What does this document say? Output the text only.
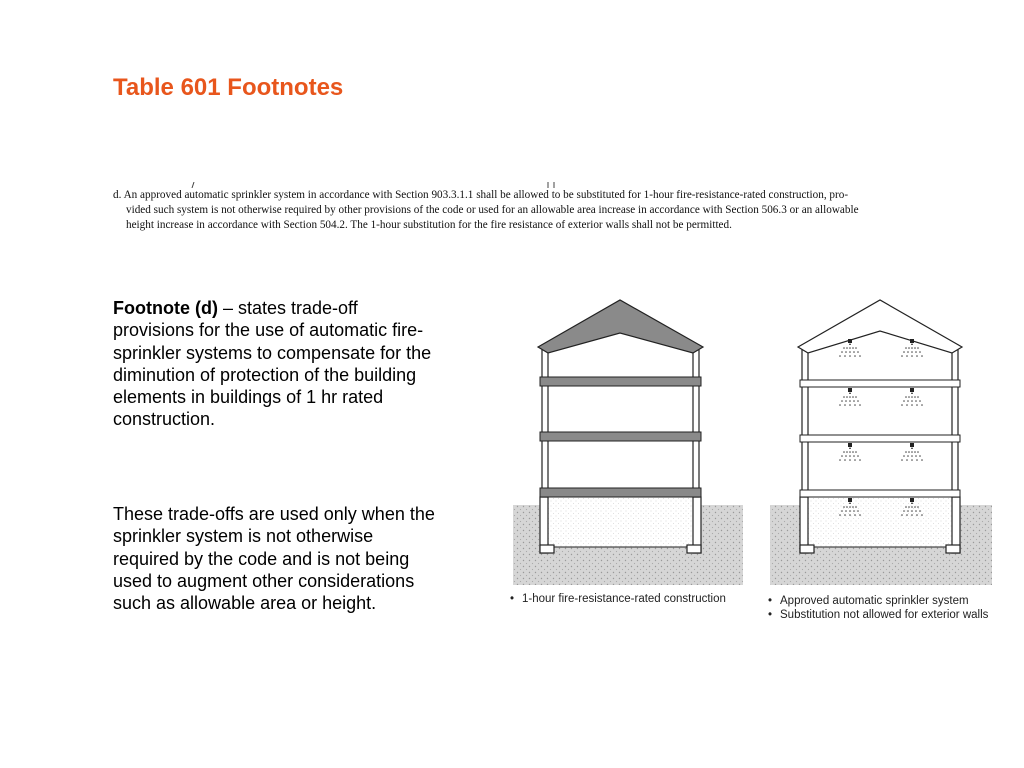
Table 601 Footnotes
d. An approved automatic sprinkler system in accordance with Section 903.3.1.1 shall be allowed to be substituted for 1-hour fire-resistance-rated construction, pro-
vided such system is not otherwise required by other provisions of the code or used for an allowable area increase in accordance with Section 506.3 or an allowable
height increase in accordance with Section 504.2. The 1-hour substitution for the fire resistance of exterior walls shall not be permitted.
Footnote (d) – states trade-off
provisions for the use of automatic fire-
sprinkler systems to compensate for the
diminution of protection of the building
elements in buildings of 1 hr rated
construction.
These trade-offs are used only when the
sprinkler system is not otherwise
required by the code and is not being
used to augment other considerations
such as allowable area or height.	• 1-hour fire-resistance-rated construction	• Approved automatic sprinkler system
• Substitution not allowed for exterior walls
